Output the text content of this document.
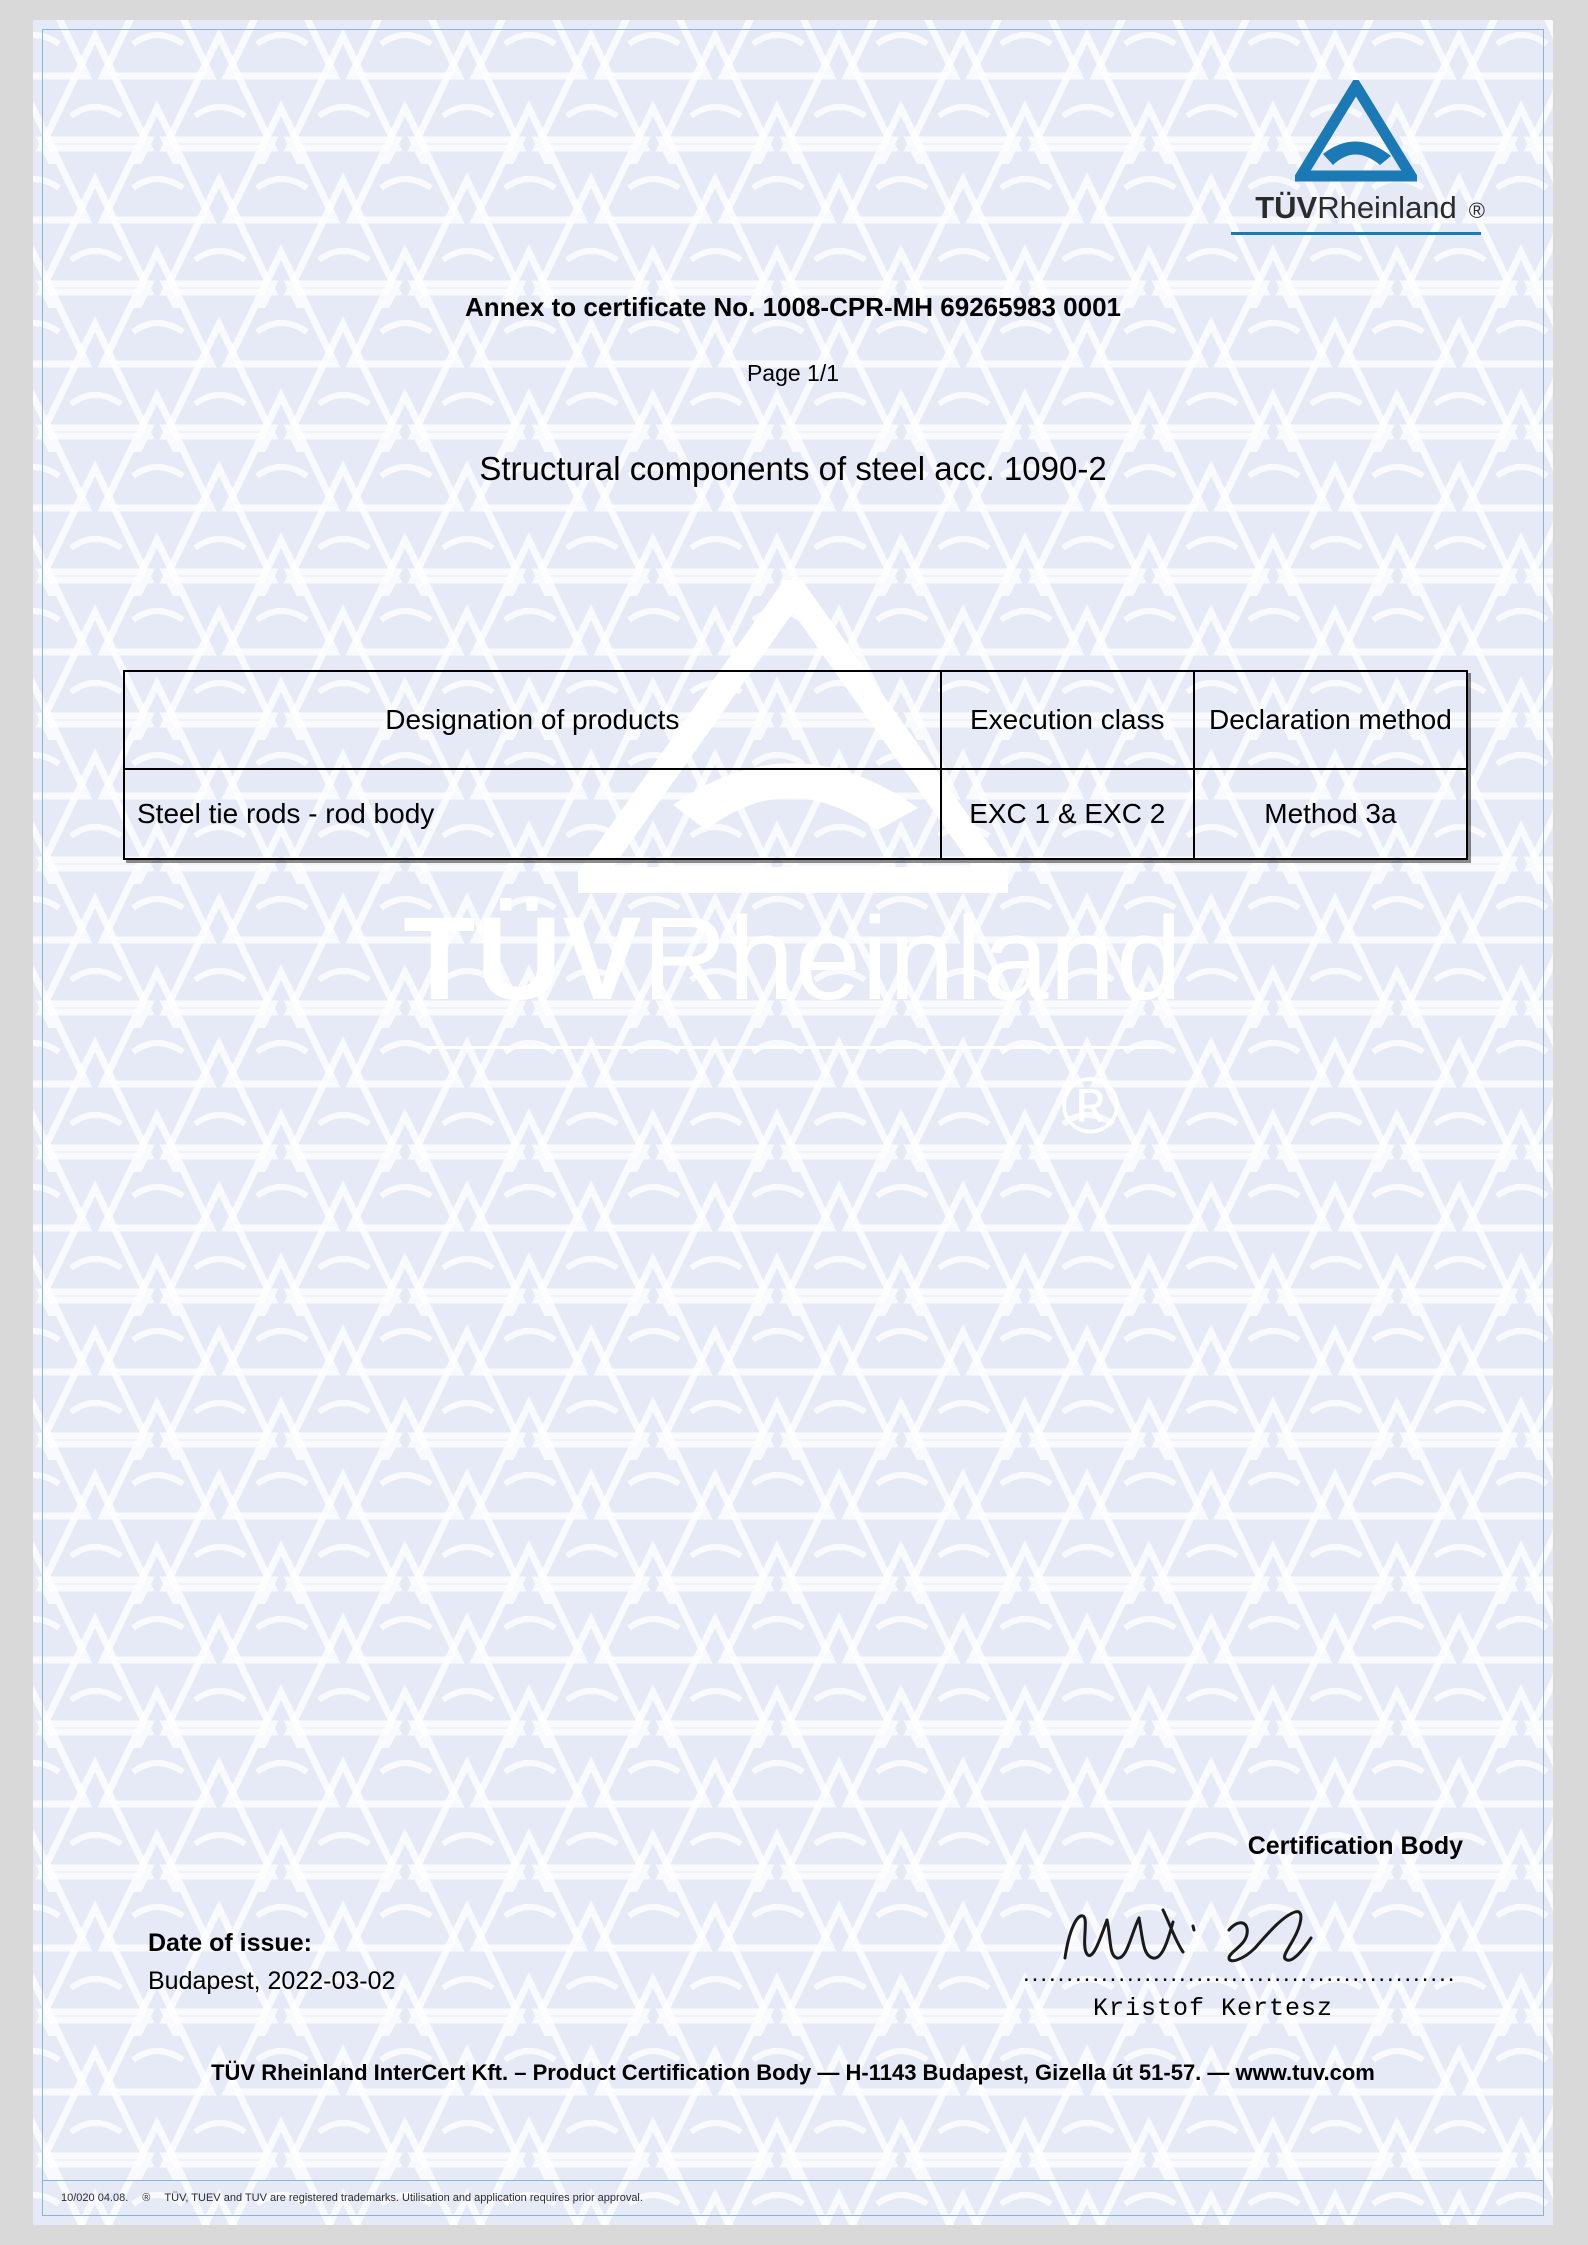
TÜVRheinland
®
TÜVRheinland ®
Annex to certificate No. 1008-CPR-MH 69265983 0001
Page 1/1
Structural components of steel acc. 1090-2
Designation of products	Execution class	Declaration method
Steel tie rods - rod body	EXC 1 & EXC 2	Method 3a
Certification Body
Date of issue:
Budapest, 2022-03-02	..................................................
Kristof Kertesz
TÜV Rheinland InterCert Kft. – Product Certification Body — H-1143 Budapest, Gizella út 51-57. — www.tuv.com
10/020 04.08. ® TÜV, TUEV and TUV are registered trademarks. Utilisation and application requires prior approval.
